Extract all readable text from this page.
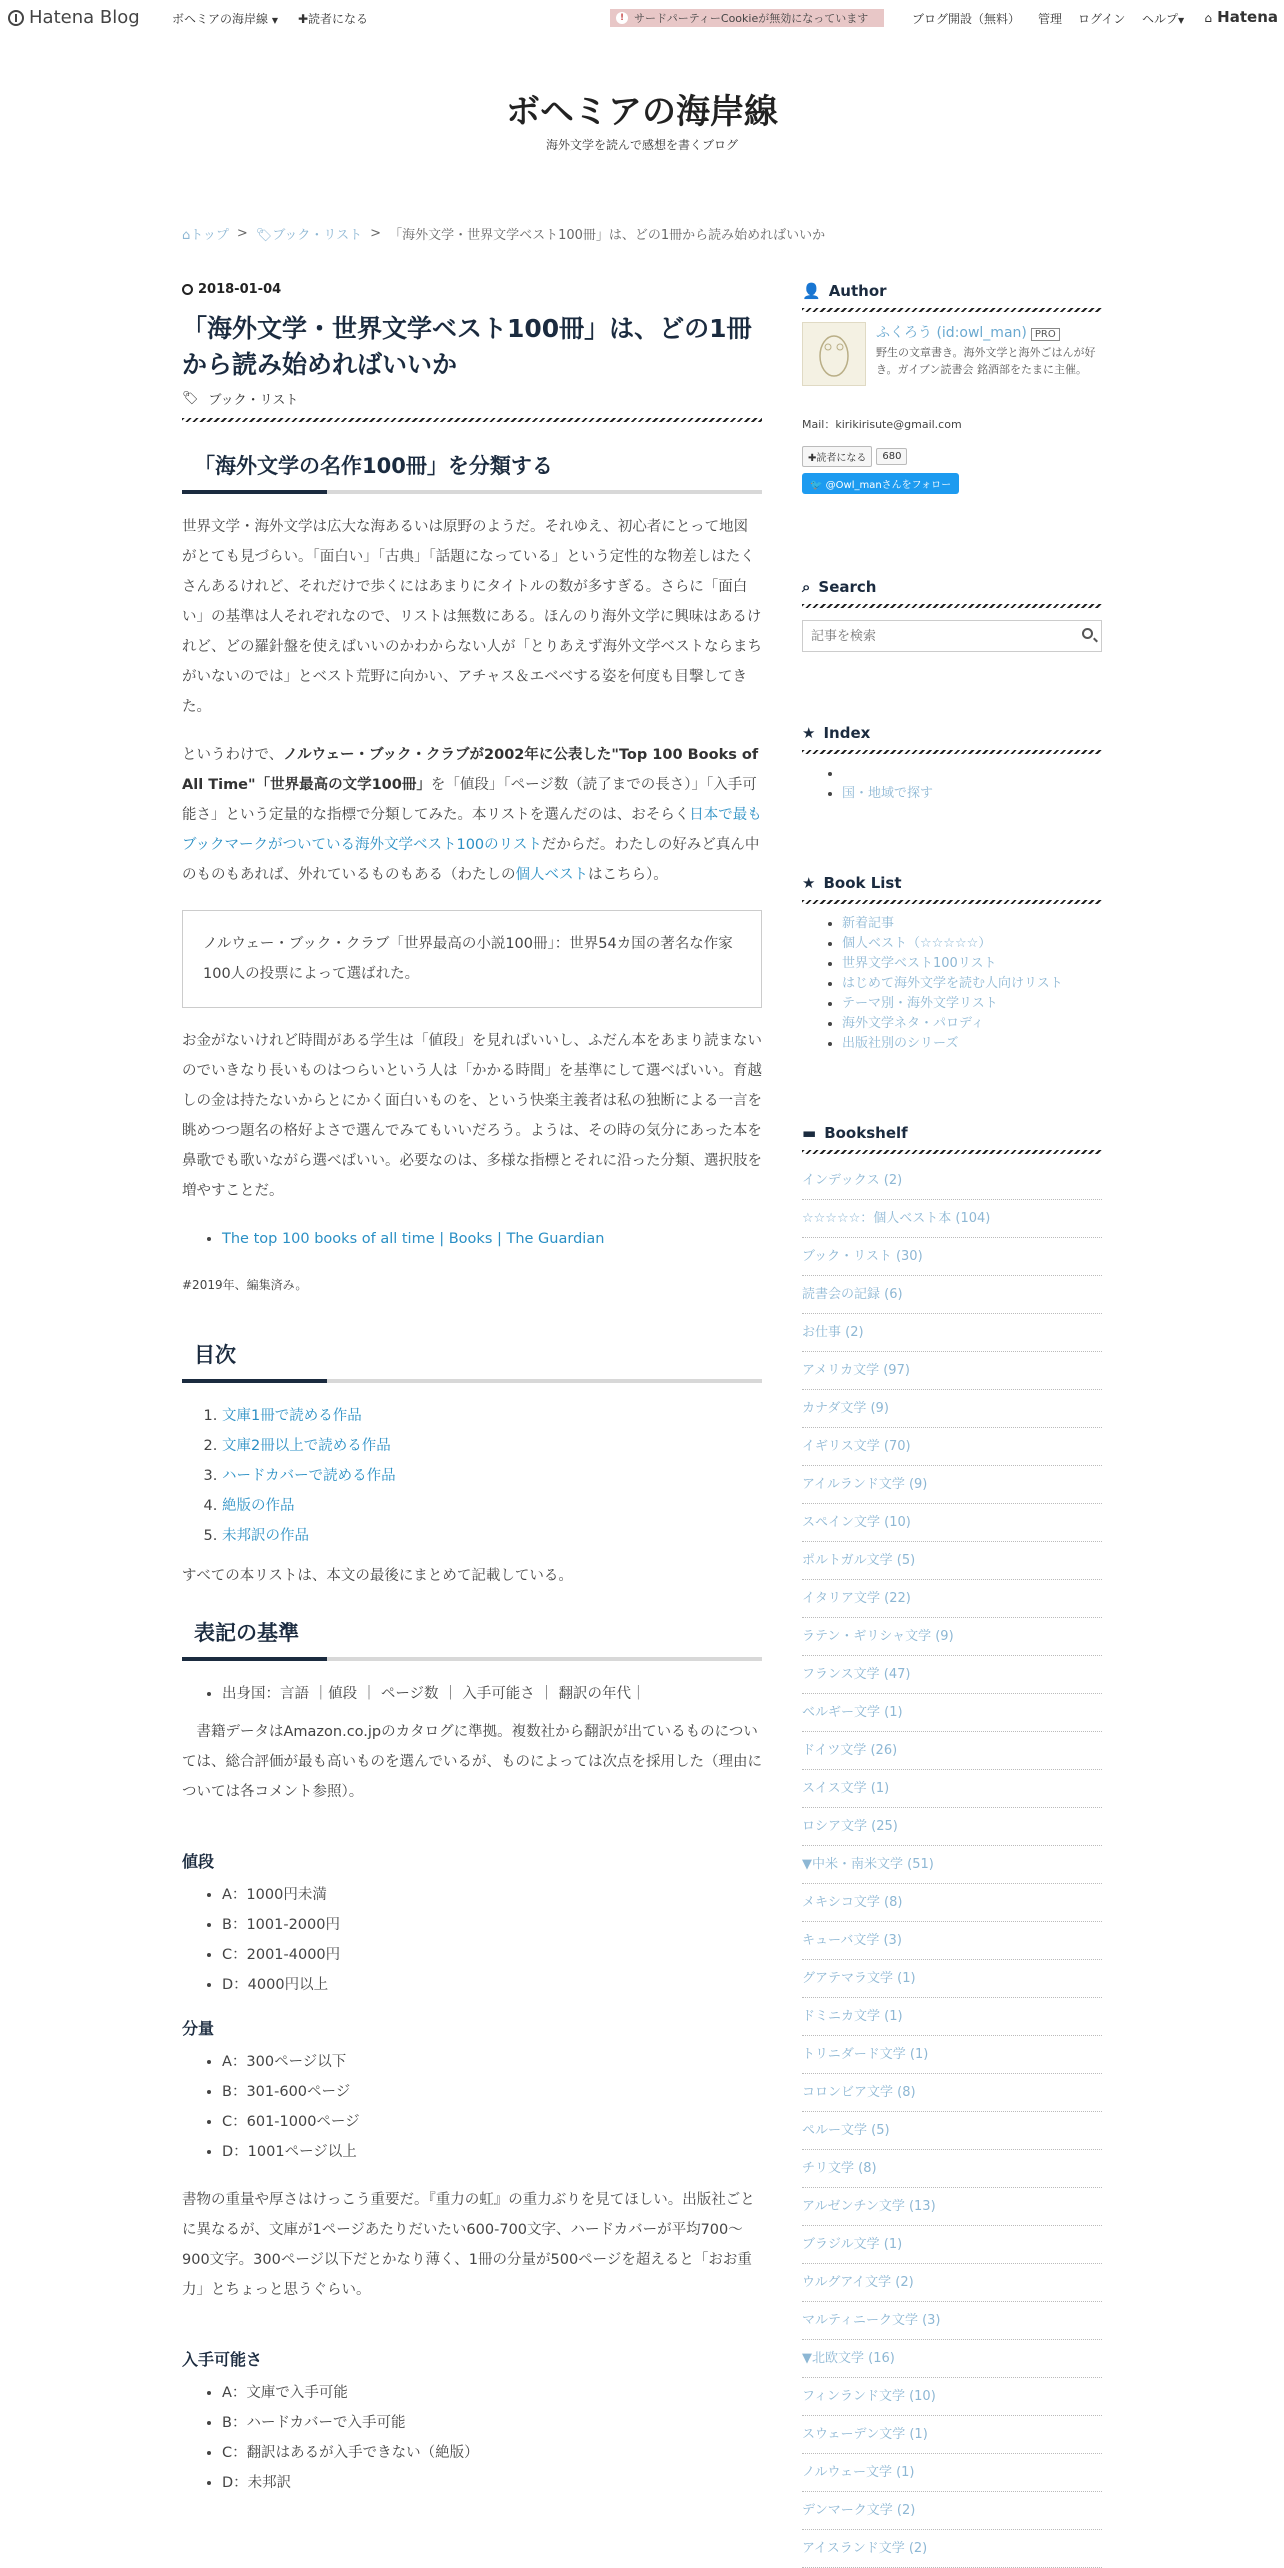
Hatena Blog	ボヘミアの海岸線 ▼ ✚読者になる	! サードパーティーCookieが無効になっています	ブログ開設（無料） 管理 ログイン ヘルプ▼ ⌂ Hatena
ボヘミアの海岸線
海外文学を読んで感想を書くブログ
⌂トップ > 🏷ブック・リスト > 「海外文学・世界文学ベスト100冊」は、どの1冊から読み始めればいいか
2018-01-04
「海外文学・世界文学ベスト100冊」は、どの1冊から読み始めればいいか
🏷 ブック・リスト
「海外文学の名作100冊」を分類する

世界文学・海外文学は広大な海あるいは原野のようだ。それゆえ、初心者にとって地図がとても見づらい。「面白い」「古典」「話題になっている」という定性的な物差しはたくさんあるけれど、それだけで歩くにはあまりにタイトルの数が多すぎる。さらに「面白い」の基準は人それぞれなので、リストは無数にある。ほんのり海外文学に興味はあるけれど、どの羅針盤を使えばいいのかわからない人が「とりあえず海外文学ベストならまちがいないのでは」とベスト荒野に向かい、アチャス＆エベベする姿を何度も目撃してきた。

というわけで、ノルウェー・ブック・クラブが2002年に公表した"Top 100 Books of All Time"「世界最高の文学100冊」を「値段」「ページ数（読了までの長さ）」「入手可能さ」という定量的な指標で分類してみた。本リストを選んだのは、おそらく日本で最もブックマークがついている海外文学ベスト100のリストだからだ。わたしの好みど真ん中のものもあれば、外れているものもある（わたしの個人ベストはこちら）。

ノルウェー・ブック・クラブ「世界最高の小説100冊」：世界54カ国の著名な作家100人の投票によって選ばれた。

お金がないけれど時間がある学生は「値段」を見ればいいし、ふだん本をあまり読まないのでいきなり長いものはつらいという人は「かかる時間」を基準にして選べばいい。育越しの金は持たないからとにかく面白いものを、という快楽主義者は私の独断による一言を眺めつつ題名の格好よさで選んでみてもいいだろう。ようは、その時の気分にあった本を鼻歌でも歌いながら選べばいい。必要なのは、多様な指標とそれに沿った分類、選択肢を増やすことだ。

• The top 100 books of all time | Books | The Guardian
#2019年、編集済み。
目次
1. 文庫1冊で読める作品
2. 文庫2冊以上で読める作品
3. ハードカバーで読める作品
4. 絶版の作品
5. 未邦訳の作品

すべての本リストは、本文の最後にまとめて記載している。

表記の基準
• 出身国：言語 ｜値段 ｜ ページ数 ｜ 入手可能さ ｜ 翻訳の年代｜

　書籍データはAmazon.co.jpのカタログに準拠。複数社から翻訳が出ているものについては、総合評価が最も高いものを選んでいるが、ものによっては次点を採用した（理由については各コメント参照）。

値段
• A：1000円未満
• B：1001-2000円
• C：2001-4000円
• D：4000円以上
分量
• A：300ページ以下
• B：301-600ページ
• C：601-1000ページ
• D：1001ページ以上

書物の重量や厚さはけっこう重要だ。『重力の虹』の重力ぶりを見てほしい。出版社ごとに異なるが、文庫が1ページあたりだいたい600-700文字、ハードカバーが平均700〜900文字。300ページ以下だとかなり薄く、1冊の分量が500ページを超えると「おお重力」とちょっと思うぐらい。

入手可能さ
• A：文庫で入手可能
• B：ハードカバーで入手可能
• C：翻訳はあるが入手できない（絶版）
• D：未邦訳
👤 Author
ふくろう (id:owl_man) PRO
野生の文章書き。海外文学と海外ごはんが好き。ガイブン読書会 銘酒部をたまに主催。
Mail：kirikirisute@gmail.com
✚読者になる	680
🐦 @Owl_manさんをフォロー
⌕ Search
記事を検索
★ Index
•
• 国・地域で探す
★ Book List
• 新着記事
• 個人ベスト（☆☆☆☆☆）
• 世界文学ベスト100リスト
• はじめて海外文学を読む人向けリスト
• テーマ別・海外文学リスト
• 海外文学ネタ・パロディ
• 出版社別のシリーズ
▬ Bookshelf
インデックス (2)
☆☆☆☆☆：個人ベスト本 (104)
ブック・リスト (30)
読書会の記録 (6)
お仕事 (2)
アメリカ文学 (97)
カナダ文学 (9)
イギリス文学 (70)
アイルランド文学 (9)
スペイン文学 (10)
ポルトガル文学 (5)
イタリア文学 (22)
ラテン・ギリシャ文学 (9)
フランス文学 (47)
ベルギー文学 (1)
ドイツ文学 (26)
スイス文学 (1)
ロシア文学 (25)
▼中米・南米文学 (51)
メキシコ文学 (8)
キューバ文学 (3)
グアテマラ文学 (1)
ドミニカ文学 (1)
トリニダード文学 (1)
コロンビア文学 (8)
ペルー文学 (5)
チリ文学 (8)
アルゼンチン文学 (13)
ブラジル文学 (1)
ウルグアイ文学 (2)
マルティニーク文学 (3)
▼北欧文学 (16)
フィンランド文学 (10)
スウェーデン文学 (1)
ノルウェー文学 (1)
デンマーク文学 (2)
アイスランド文学 (2)
